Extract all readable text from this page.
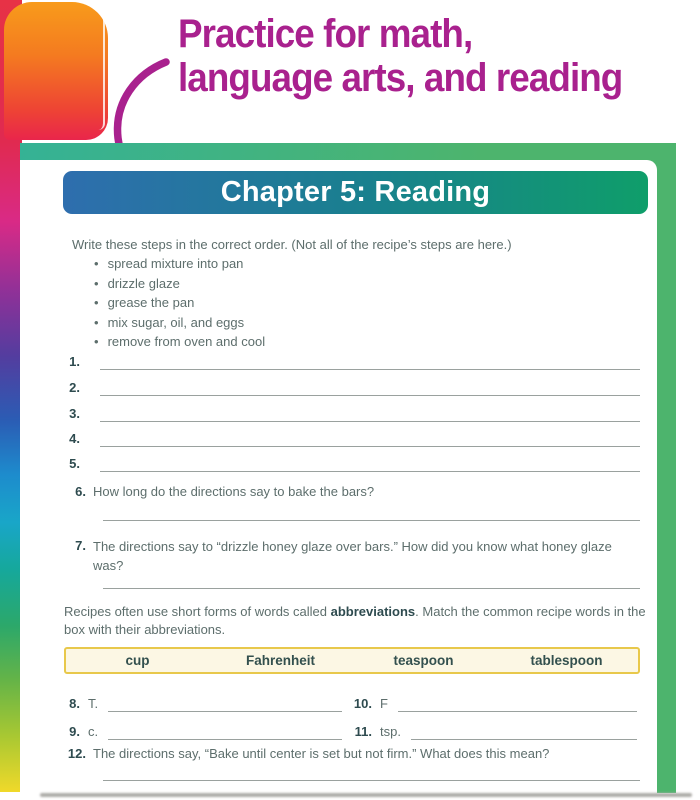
Practice for math,
language arts, and reading
Chapter 5: Reading
Write these steps in the correct order. (Not all of the recipe’s steps are here.)
• spread mixture into pan
• drizzle glaze
• grease the pan
• mix sugar, oil, and eggs
• remove from oven and cool
1.
2.
3.
4.
5.
6. How long do the directions say to bake the bars?
7. The directions say to “drizzle honey glaze over bars.” How did you know what honey glaze was?
Recipes often use short forms of words called abbreviations. Match the common recipe words in the box with their abbreviations.
cup	Fahrenheit	teaspoon	tablespoon
8. T.	10. F
9. c.	11. tsp.
12. The directions say, “Bake until center is set but not firm.” What does this mean?
